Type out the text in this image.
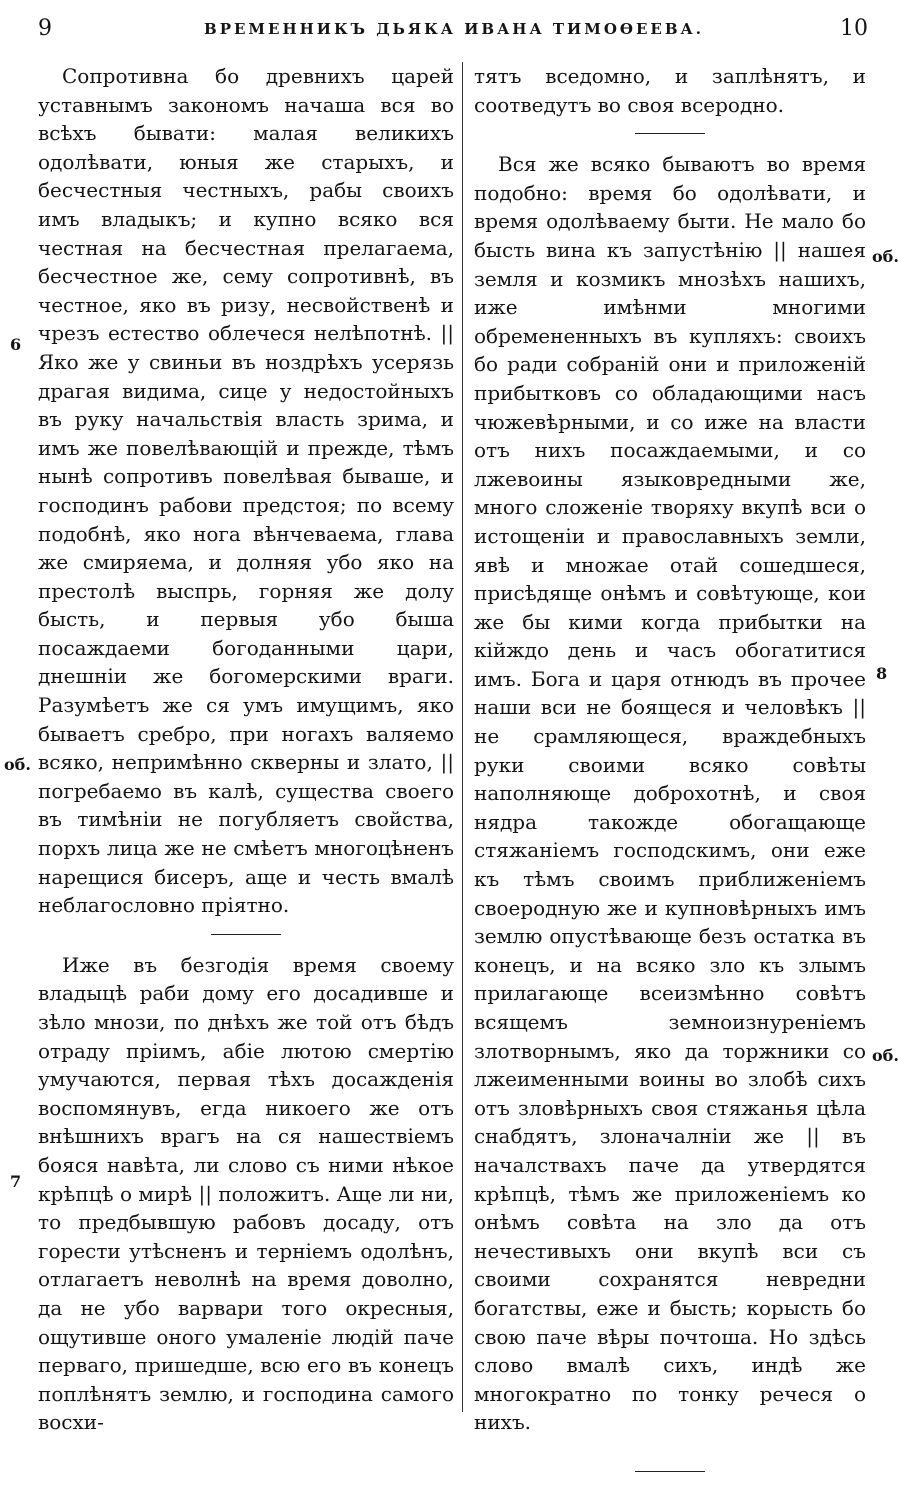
9	ВРЕМЕННИКЪ ДЬЯКА ИВАНА ТИМОѲЕЕВА.	10

Сопротивна бо древнихъ царей уставнымъ закономъ начаша вся во всѣхъ бывати: малая великихъ одолѣвати, юныя же старыхъ, и бесчестныя честныхъ, рабы своихъ имъ владыкъ; и купно всяко вся честная на бесчестная прелагаема, бесчестное же, сему сопротивнѣ, въ честное, яко въ ризу, несвойственѣ и чрезъ естество облечеся нелѣпотнѣ. || Яко же у свиньи въ ноздрѣхъ усерязь драгая видима, сице у недостойныхъ въ руку начальствія власть зрима, и имъ же повелѣвающій и прежде, тѣмъ нынѣ сопротивъ повелѣвая бываше, и господинъ рабови предстоя; по всему подобнѣ, яко нога вѣнчеваема, глава же смиряема, и долняя убо яко на престолѣ выспрь, горняя же долу бысть, и первыя убо быша посаждаеми богоданными цари, днешніи же богомерскими враги. Разумѣетъ же ся умъ имущимъ, яко бываетъ сребро, при ногахъ валяемо всяко, непримѣнно скверны и злато, || погребаемо въ калѣ, существа своего въ тимѣніи не погубляетъ свойства, порхъ лица же не смѣетъ многоцѣненъ нарещися бисеръ, аще и честь вмалѣ неблагословно пріятно.

Иже въ безгодія время своему владыцѣ раби дому его досадивше и зѣло мнози, по днѣхъ же той отъ бѣдъ отраду пріимъ, абіе лютою смертію умучаются, первая тѣхъ досажденія воспомянувъ, егда никоего же отъ внѣшнихъ врагъ на ся нашествіемъ бояся навѣта, ли слово съ ними нѣкое крѣпцѣ о мирѣ || положитъ. Аще ли ни, то предбывшую рабовъ досаду, отъ горести утѣсненъ и терніемъ одолѣнъ, отлагаетъ неволнѣ на время доволно, да не убо варвари того окресныя, ощутивше оного умаленіе людій паче перваго, пришедше, всю его въ конецъ поплѣнятъ землю, и господина самого восхи-

тятъ вседомно, и заплѣнятъ, и соотведутъ во своя всеродно.

Вся же всяко бываютъ во время подобно: время бо одолѣвати, и время одолѣваему быти. Не мало бо бысть вина къ запустѣнію || нашея земля и козмикъ мнозѣхъ нашихъ, иже имѣнми многими обремененныхъ въ купляхъ: своихъ бо ради собраній они и приложеній прибытковъ со обладающими насъ чюжевѣрными, и со иже на власти отъ нихъ посаждаемыми, и со лжевоины языковредными же, много сложеніе творяху вкупѣ вси о истощеніи и православныхъ земли, явѣ и множае отай сошедшеся, присѣдяще онѣмъ и совѣтующе, кои же бы кими когда прибытки на кійждо день и часъ обогатитися имъ. Бога и царя отнюдъ въ прочее наши вси не боящеся и человѣкъ || не срамляющеся, враждебныхъ руки своими всяко совѣты наполняюще доброхотнѣ, и своя нядра такожде обогащающе стяжаніемъ господскимъ, они еже къ тѣмъ своимъ приближеніемъ своеродную же и купновѣрныхъ имъ землю опустѣвающе безъ остатка въ конецъ, и на всяко зло къ злымъ прилагающе всеизмѣнно совѣтъ всящемъ земноизнуреніемъ злотворнымъ, яко да торжники со лжеименными воины во злобѣ сихъ отъ зловѣрныхъ своя стяжанья цѣла снабдятъ, злоначалніи же || въ началствахъ паче да утвердятся крѣпцѣ, тѣмъ же приложеніемъ ко онѣмъ совѣта на зло да отъ нечестивыхъ они вкупѣ вси съ своими сохранятся невредни богатствы, еже и бысть; корысть бо свою паче вѣры почтоша. Но здѣсь слово вмалѣ сихъ, индѣ же многократно по тонку речеся о нихъ.

6
об.
7
об.
8
об.
